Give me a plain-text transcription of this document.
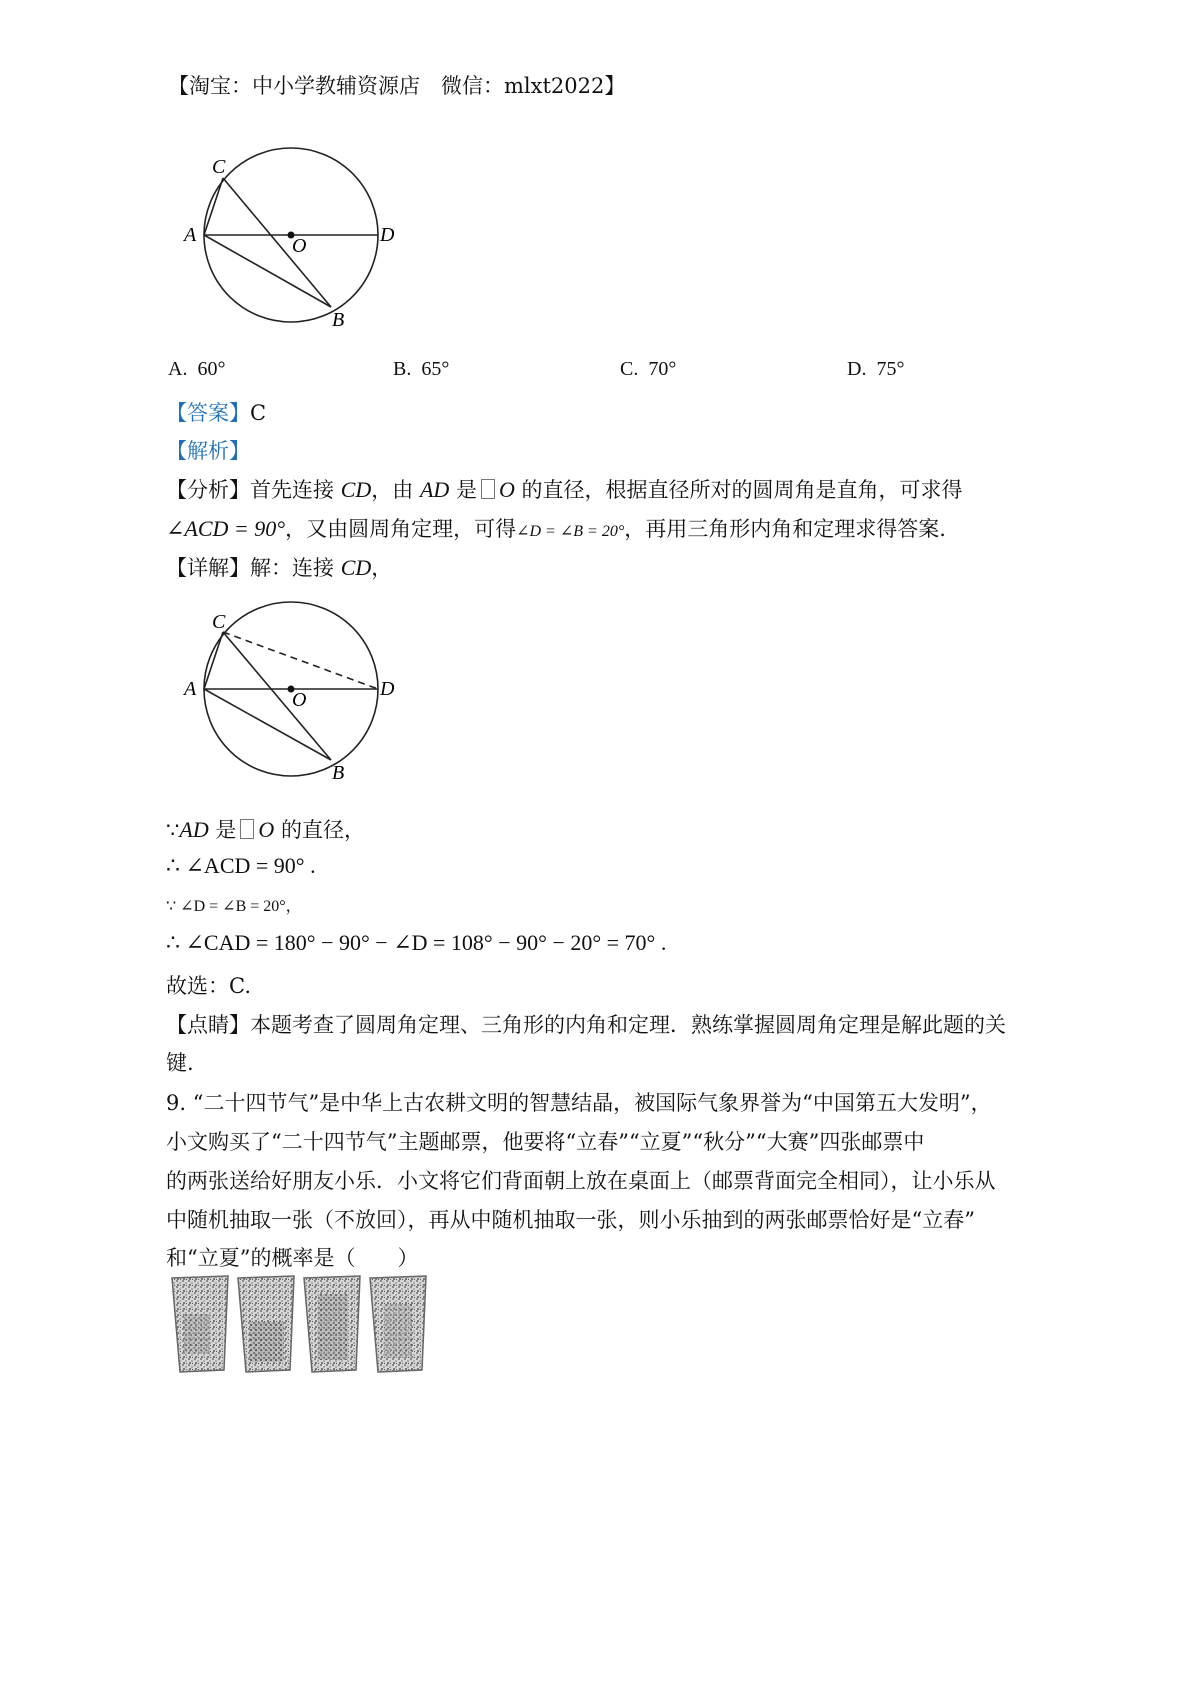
【淘宝：中小学教辅资源店　微信：mlxt2022】
C
A	O	D
B
A. 60°	B. 65°	C. 70°	D. 75°
【答案】C
【解析】
【分析】首先连接 CD，由 AD 是 O 的直径，根据直径所对的圆周角是直角，可求得
∠ACD = 90°，又由圆周角定理，可得∠D = ∠B = 20°，再用三角形内角和定理求得答案.
【详解】解：连接 CD，
C
A	O	D
B
∵AD 是 O 的直径，
∴ ∠ACD = 90° .
∵ ∠D = ∠B = 20°，
∴ ∠CAD = 180° − 90° − ∠D = 108° − 90° − 20° = 70° .
故选：C.
【点睛】本题考查了圆周角定理、三角形的内角和定理．熟练掌握圆周角定理是解此题的关
键.
9. “二十四节气”是中华上古农耕文明的智慧结晶，被国际气象界誉为“中国第五大发明”，
小文购买了“二十四节气”主题邮票，他要将“立春”“立夏”“秋分”“大赛”四张邮票中
的两张送给好朋友小乐．小文将它们背面朝上放在桌面上（邮票背面完全相同），让小乐从
中随机抽取一张（不放回），再从中随机抽取一张，则小乐抽到的两张邮票恰好是“立春”
和“立夏”的概率是（　　）
